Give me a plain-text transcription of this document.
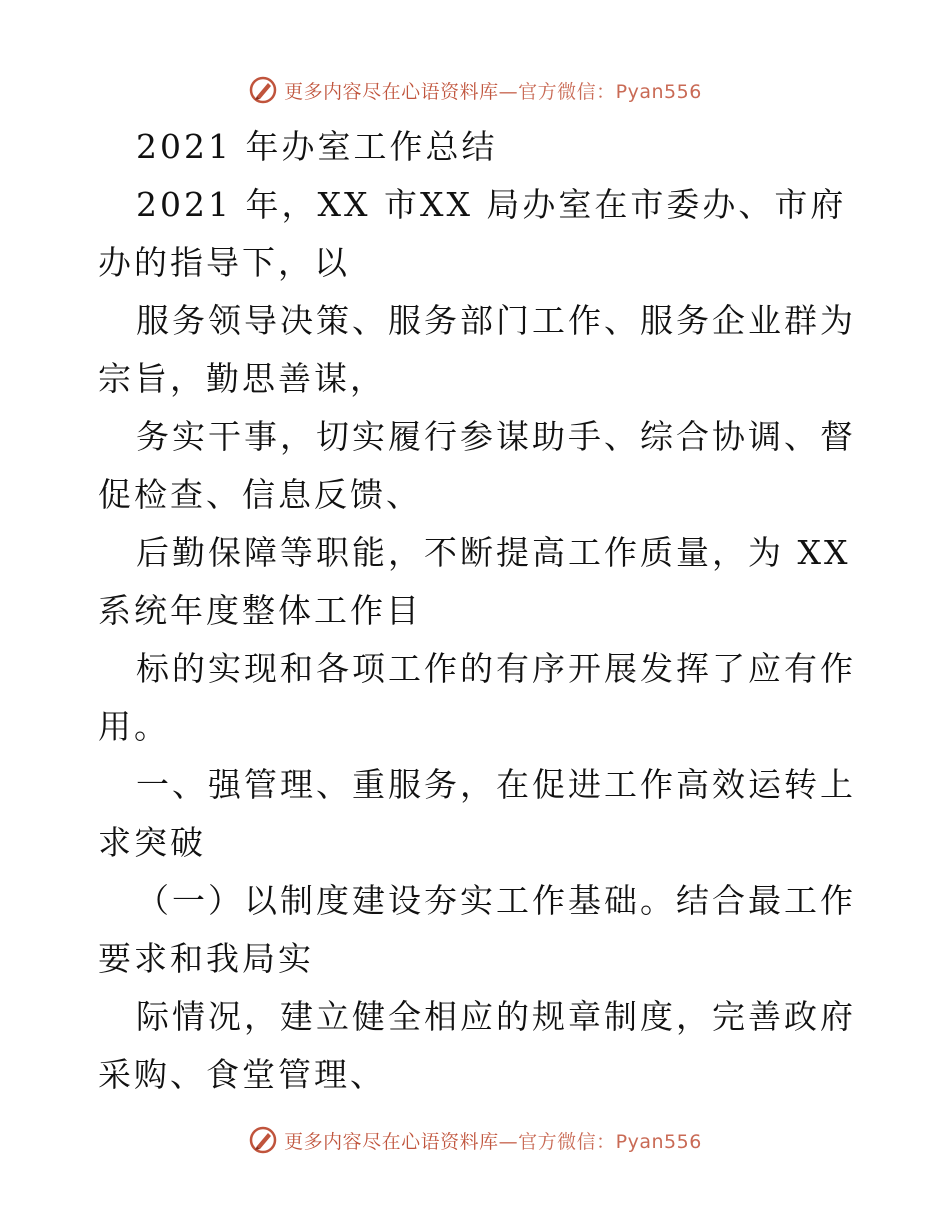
更多内容尽在心语资料库—官方微信：Pyan556

2021 年办室工作总结

2021 年，XX 市XX 局办室在市委办、市府办的指导下，以

服务领导决策、服务部门工作、服务企业群为宗旨，勤思善谋，

务实干事，切实履行参谋助手、综合协调、督促检查、信息反馈、

后勤保障等职能，不断提高工作质量，为 XX 系统年度整体工作目

标的实现和各项工作的有序开展发挥了应有作用。

一、强管理、重服务，在促进工作高效运转上求突破

（一）以制度建设夯实工作基础。结合最工作要求和我局实

际情况，建立健全相应的规章制度，完善政府采购、食堂管理、

更多内容尽在心语资料库—官方微信：Pyan556
